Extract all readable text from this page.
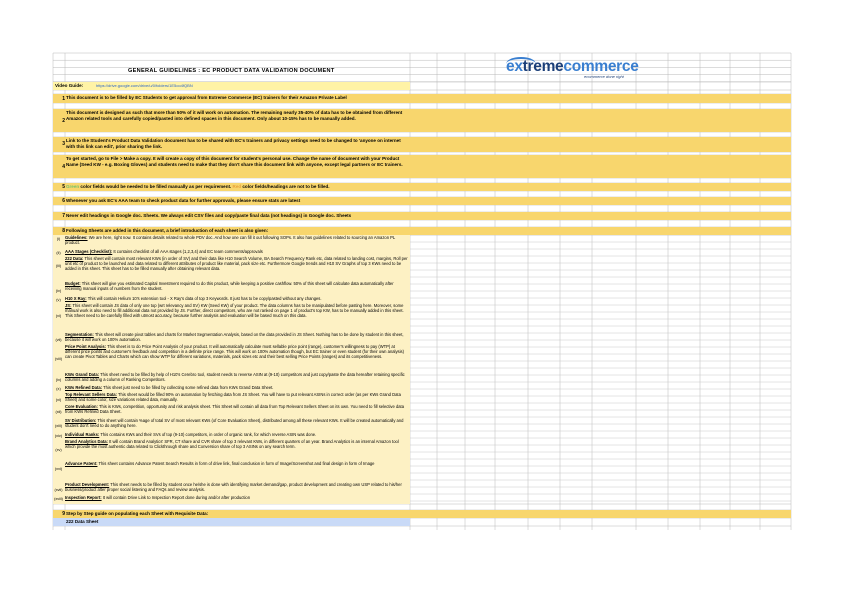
GENERAL GUIDELINES : EC PRODUCT DATA VALIDATION DOCUMENT	extremecommerce
ecommerce done right
Video Guide:	https://drive.google.com/drive/u/0/folders/1E5oo4fQBN
1 This document is to be filled by EC Students to get approval from Extreme Commerce (EC) trainers for their Amazon Private Label
2
This document is designed as such that more than 50% of it will work on automation. The remaining nearly 35-40% of data has to be obtained from different Amazon related tools and carefully copied/pasted into defined spaces in this document. Only about 10-15% has to be manually added.
3
Link to the Student's Product Data Validation document has to be shared with EC's trainers and privacy settings need to be changed to 'anyone on internet with this link can edit', prior sharing the link.
4
To get started, go to File > Make a copy. It will create a copy of this document for student's personal use. Change the name of document with your Product Name (Seed KW - e.g. Boxing Gloves) and students need to make that they don't share this document link with anyone, except legal partners or EC trainers.
5 Green color fields would be needed to be filled manually as per requirement. Red color fields/headings are not to be filled.
6 Whenever you ask EC's AAA team to check product data for further approvals, please ensure stats are latest
7 Never edit headings in Google doc. Sheets. We always edit CSV files and copy/paste final data (not headings) in Google doc. Sheets
8 Following Sheets are added in this document, a brief introduction of each sheet is also given:
(i)	Guidelines: We are here, right now. It contains details related to whole PDV doc. And how one can fill it out following SOPs. It also has guidelines related to sourcing an Amazon PL product.
(ii)	AAA Stages (Checklist): It contains checklist of all AAA stages (1,2,3,4) and EC team comments/approvals
(iii)
222 Data: This sheet will contain most relevant KWs (in order of SV) and their data like H10 Search Volume, BA Search Frequency Rank etc, data related to landing cost, margins, Roll per unit etc of product to be launched and data related to different attributes of product like material, pack size etc. Furthermore Google trends and H10 SV Graphs of top 3 KWs need to be added in this sheet. This sheet has to be filled manually after obtaining relevant data.
(iv)
Budget: This sheet will give you estimated Capital Investment required to do this product, while keeping a positive cashflow. 50% of this sheet will calculate data automatically after receiving manual inputs of numbers from the student.
(v)	H10 X Ray: This will contain Helium 10's extension tool - X Ray's data of top 3 Keywords. It just has to be copy/pasted without any changes.
(vi)
JS: This sheet will contain JS data of only one top (wrt relevancy and SV) KW (Seed KW) of your product. The data columns has to be manipulated before pasting here. Moreover, some manual work is also need to fill additional data not provided by JS. Further, direct competitors, who are not ranked on page 1 of product's top KW, has to be manually added in this sheet. This Sheet need to be carefully filled with utmost accuracy, because further analysis and evaluation will be based much on this data.
(vii)
Segmentation: This sheet will create pivot tables and charts for Market Segmentation Analysis, based on the data provided in JS Sheet. Nothing has to be done by student in this sheet, because it will work on 100% automation.
(viii)
Price Point Analysis: This sheet is to do Price Point Analysis of your product. It will automatically calculate most sellable price point (range), customer's willingness to pay (WTP) at different price points and customer's feedback and competition in a definite price range. This will work on 100% automation though, but EC trainer or even student (for their own analysis) can create Pivot Tables and Charts which can show WTP for different variations, materials, pack sizes etc and their best selling Price Points (ranges) and its competitiveness.
(ix)
KWs Grand Data: This sheet need to be filled by help of H10's Cerebro tool, student needs to reverse ASIN at (9-10) competitors and just copy/paste the data hereafter retaining specific columns and adding a column of Ranking Competitors.
(x)	KWs Refined Data: This sheet just need to be filled by collecting some refined data from KWs Grand Data Sheet.
(xi)
Top Relevant Sellers Data: This sheet would be filled 90% on automation by fetching data from JS Sheet. You will have to put relevant ASINs in correct order (as per KWs Grand Data Sheet) and some color, size variations related data, manually.
(xii)
Core Evaluation: This is KWs, competition, opportunity and risk analysis sheet. This Sheet will contain all data from Top Relevant Sellers Sheet on its own. You need to fill selective data from KWs Refined Data Sheet.
(xiii)
SV Distribution: This sheet will contain %age of total SV of most relevant KWs (of Core Evaluation Sheet), distributed among all these relevant KWs. It will be created automatically and student don't need to do anything here.
(xiv) Individual Ranks: This contains KWs and their SVs of top (9-10) competitors, in order of organic rank, for which reverse ASIN was done.
(xv)
Brand Analytics Data: It will contain Brand Analytics' SFR, CT share and CVR share of top 3 relevant KWs, in different quarters of an year. Brand Analytics is an internal Amazon tool which provide the most authentic data related to Clickthrough share and Conversion share of top 3 ASINs on any search term.
(xvi)
Advance Patent: This sheet contains Advance Patent Search Results in form of drive link, final conclusion in form of Image/Screenshot and final design in form of Image
(xvii)
Product Development: This sheet needs to be filled by student once he/she is done with identifying market demand/gap, product development and creating own USP related to his/her business/product after proper social listening and FAQs and review analysis.
(xviii) Inspection Report: It will contain Drive Link to Inspection Report done during and/or after production
9 Step by Step guide on populating each Sheet with Requisite Data:
222 Data Sheet
